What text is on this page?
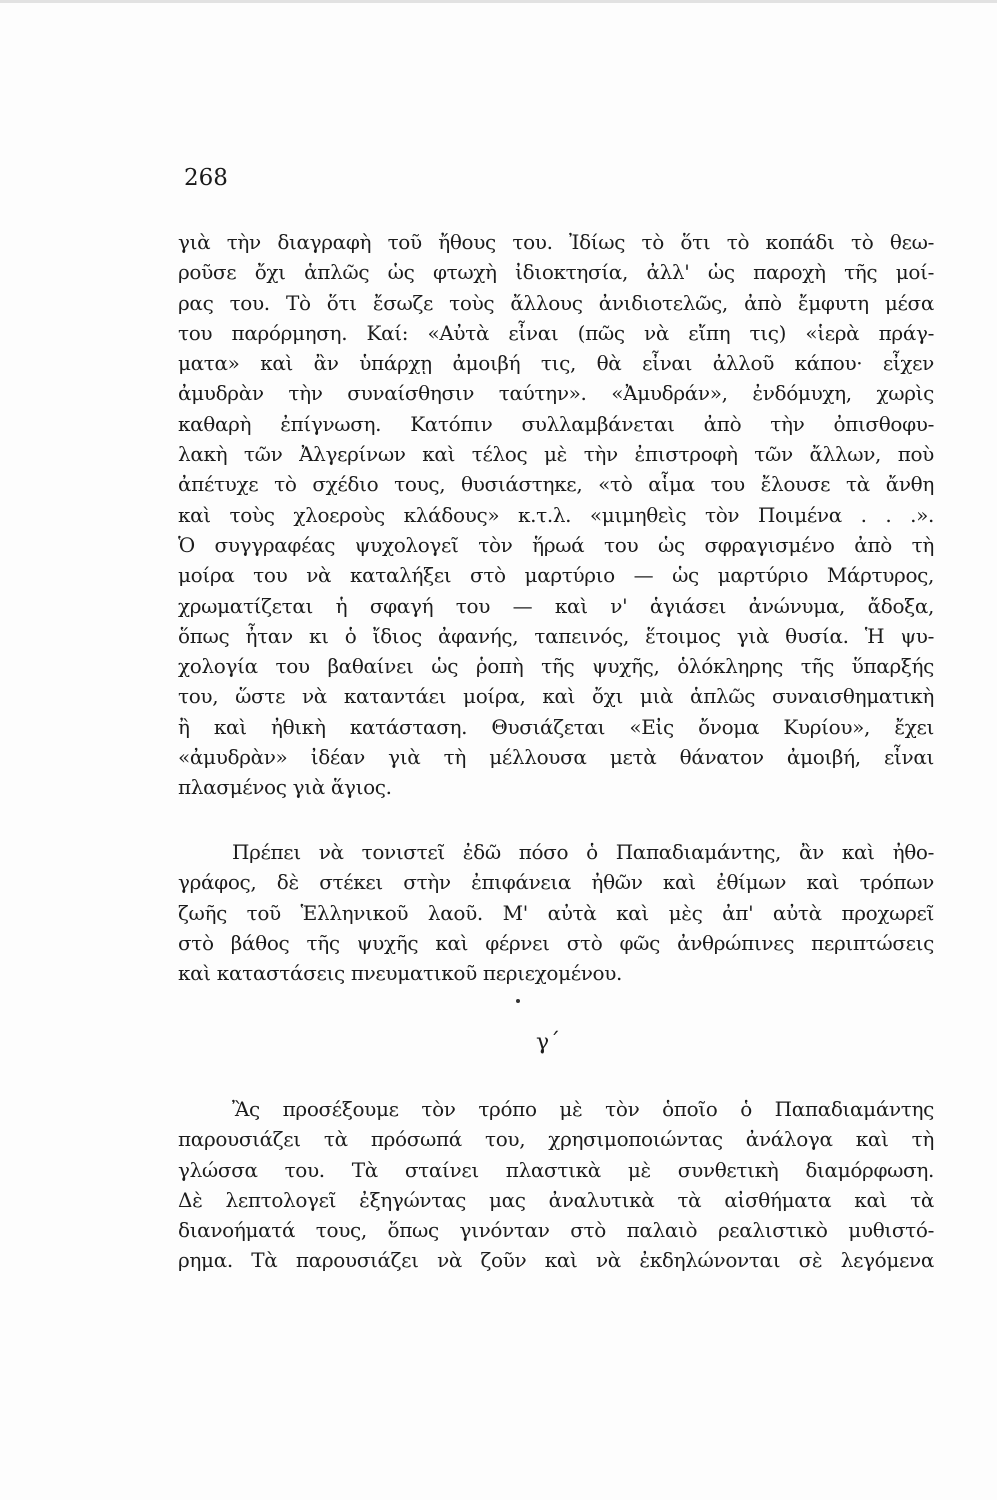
268
γιὰ τὴν διαγραφὴ τοῦ ἤθους του. Ἰδίως τὸ ὅτι τὸ κοπάδι τὸ θεω-
ροῦσε ὄχι ἁπλῶς ὡς φτωχὴ ἰδιοκτησία, ἀλλ' ὡς παροχὴ τῆς μοί-
ρας του. Τὸ ὅτι ἔσωζε τοὺς ἄλλους ἀνιδιοτελῶς, ἀπὸ ἔμφυτη μέσα
του παρόρμηση. Καί: «Αὐτὰ εἶναι (πῶς νὰ εἴπη τις) «ἱερὰ πράγ-
ματα» καὶ ἂν ὑπάρχῃ ἀμοιβή τις, θὰ εἶναι ἀλλοῦ κάπου· εἶχεν
ἀμυδρὰν τὴν συναίσθησιν ταύτην». «Ἀμυδράν», ἐνδόμυχη, χωρὶς
καθαρὴ ἐπίγνωση. Κατόπιν συλλαμβάνεται ἀπὸ τὴν ὀπισθοφυ-
λακὴ τῶν Ἀλγερίνων καὶ τέλος μὲ τὴν ἐπιστροφὴ τῶν ἄλλων, ποὺ
ἀπέτυχε τὸ σχέδιο τους, θυσιάστηκε, «τὸ αἷμα του ἔλουσε τὰ ἄνθη
καὶ τοὺς χλοεροὺς κλάδους» κ.τ.λ. «μιμηθεὶς τὸν Ποιμένα . . .».
Ὁ συγγραφέας ψυχολογεῖ τὸν ἥρωά του ὡς σφραγισμένο ἀπὸ τὴ
μοίρα του νὰ καταλήξει στὸ μαρτύριο — ὡς μαρτύριο Μάρτυρος,
χρωματίζεται ἡ σφαγή του — καὶ ν' ἁγιάσει ἀνώνυμα, ἄδοξα,
ὅπως ἦταν κι ὁ ἴδιος ἀφανής, ταπεινός, ἕτοιμος γιὰ θυσία. Ἡ ψυ-
χολογία του βαθαίνει ὡς ῥοπὴ τῆς ψυχῆς, ὁλόκληρης τῆς ὕπαρξής
του, ὥστε νὰ καταντάει μοίρα, καὶ ὄχι μιὰ ἁπλῶς συναισθηματικὴ
ἢ καὶ ἠθικὴ κατάσταση. Θυσιάζεται «Εἰς ὄνομα Κυρίου», ἔχει
«ἀμυδρὰν» ἰδέαν γιὰ τὴ μέλλουσα μετὰ θάνατον ἀμοιβή, εἶναι
πλασμένος γιὰ ἅγιος.
Πρέπει νὰ τονιστεῖ ἐδῶ πόσο ὁ Παπαδιαμάντης, ἂν καὶ ἠθο-
γράφος, δὲ στέκει στὴν ἐπιφάνεια ἠθῶν καὶ ἐθίμων καὶ τρόπων
ζωῆς τοῦ Ἑλληνικοῦ λαοῦ. Μ' αὐτὰ καὶ μὲς ἀπ' αὐτὰ προχωρεῖ
στὸ βάθος τῆς ψυχῆς καὶ φέρνει στὸ φῶς ἀνθρώπινες περιπτώσεις
καὶ καταστάσεις πνευματικοῦ περιεχομένου.
γ΄
Ἂς προσέξουμε τὸν τρόπο μὲ τὸν ὁποῖο ὁ Παπαδιαμάντης
παρουσιάζει τὰ πρόσωπά του, χρησιμοποιώντας ἀνάλογα καὶ τὴ
γλώσσα του. Τὰ σταίνει πλαστικὰ μὲ συνθετικὴ διαμόρφωση.
Δὲ λεπτολογεῖ ἐξηγώντας μας ἀναλυτικὰ τὰ αἰσθήματα καὶ τὰ
διανοήματά τους, ὅπως γινόνταν στὸ παλαιὸ ρεαλιστικὸ μυθιστό-
ρημα. Τὰ παρουσιάζει νὰ ζοῦν καὶ νὰ ἐκδηλώνονται σὲ λεγόμενα
